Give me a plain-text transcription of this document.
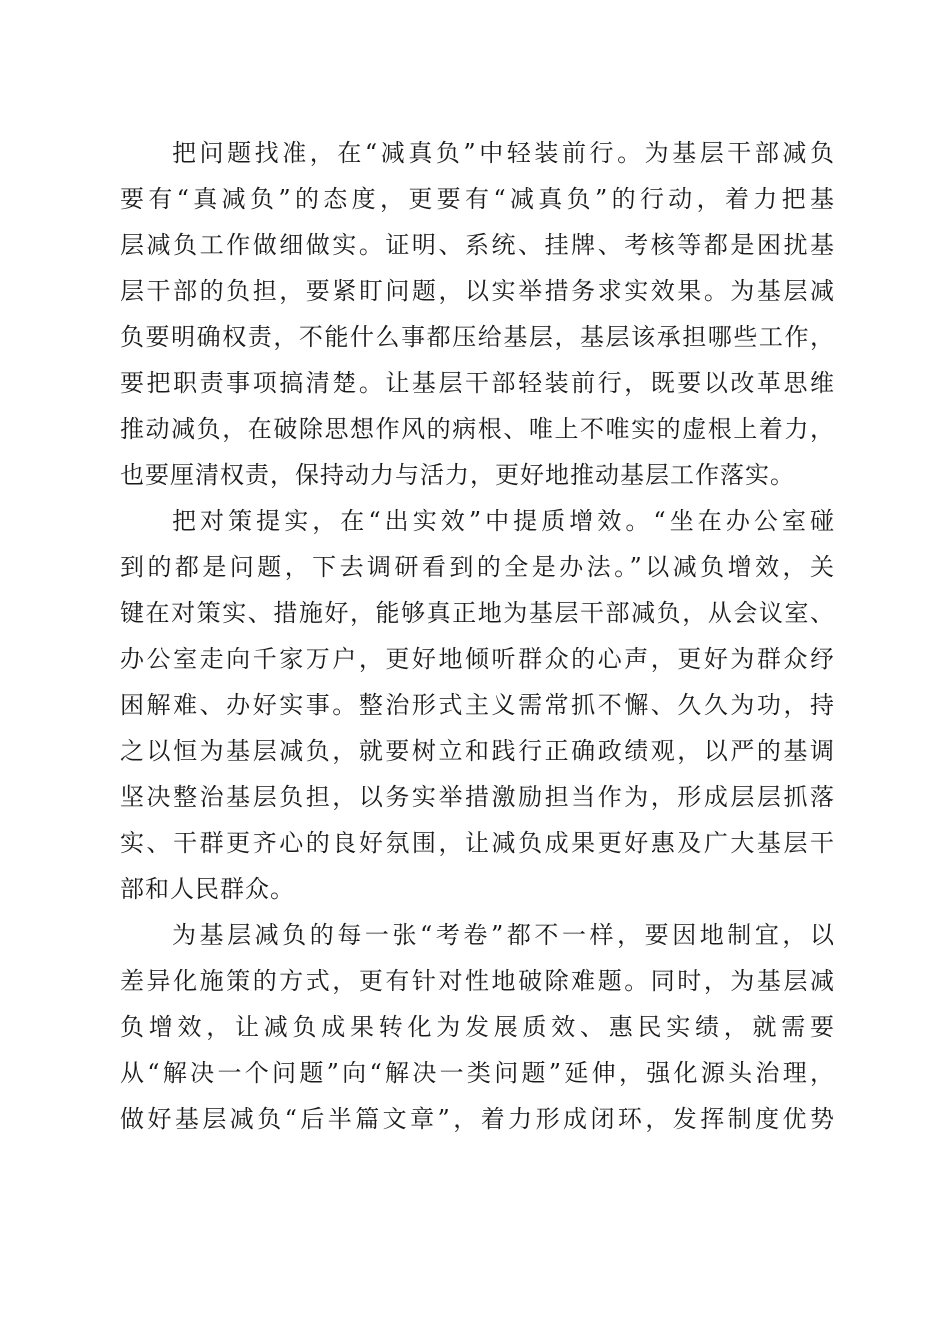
把问题找准，在“减真负”中轻装前行。为基层干部减负
要有“真减负”的态度，更要有“减真负”的行动，着力把基
层减负工作做细做实。证明、系统、挂牌、考核等都是困扰基
层干部的负担，要紧盯问题，以实举措务求实效果。为基层减
负要明确权责，不能什么事都压给基层，基层该承担哪些工作，
要把职责事项搞清楚。让基层干部轻装前行，既要以改革思维
推动减负，在破除思想作风的病根、唯上不唯实的虚根上着力，
也要厘清权责，保持动力与活力，更好地推动基层工作落实。
把对策提实，在“出实效”中提质增效。“坐在办公室碰
到的都是问题，下去调研看到的全是办法。”以减负增效，关
键在对策实、措施好，能够真正地为基层干部减负，从会议室、
办公室走向千家万户，更好地倾听群众的心声，更好为群众纾
困解难、办好实事。整治形式主义需常抓不懈、久久为功，持
之以恒为基层减负，就要树立和践行正确政绩观，以严的基调
坚决整治基层负担，以务实举措激励担当作为，形成层层抓落
实、干群更齐心的良好氛围，让减负成果更好惠及广大基层干
部和人民群众。
为基层减负的每一张“考卷”都不一样，要因地制宜，以
差异化施策的方式，更有针对性地破除难题。同时，为基层减
负增效，让减负成果转化为发展质效、惠民实绩，就需要
从“解决一个问题”向“解决一类问题”延伸，强化源头治理，
做好基层减负“后半篇文章”，着力形成闭环，发挥制度优势
